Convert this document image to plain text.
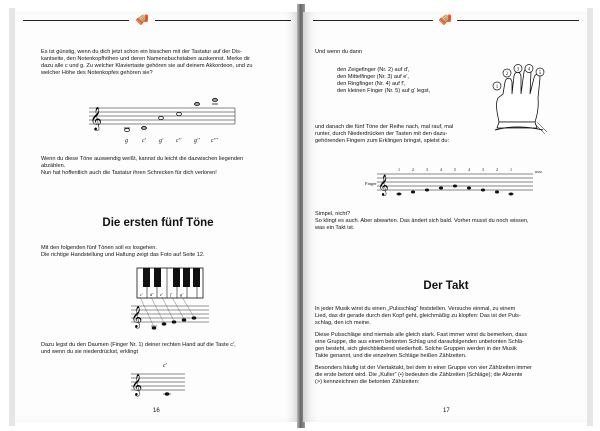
🪗
Es ist günstig, wenn du dich jetzt schon ein bisschen mit der Tastatur auf der Dis-
kantseite, den Notenkopfhöhen und deren Namensbuchstaben auskennst. Merke dir
dazu alle c und g. Zu welcher Klaviertaste gehören sie auf deinem Akkordeon, und zu
welcher Höhe des Notenkopfes gehören sie?
𝄞
g c' g' c'' g'' c'''
Wenn du diese Töne auswendig weißt, kannst du leicht die dazwischen liegenden
abzählen.
Nun hat hoffentlich auch die Tastatur ihren Schrecken für dich verloren!
Die ersten fünf Töne
Mit den folgenden fünf Tönen soll es losgehen.
Die richtige Handstellung und Haltung zeigt das Foto auf Seite 12.
c' d' e' f' g'
𝄞
Dazu legst du den Daumen (Finger Nr. 1) deiner rechten Hand auf die Taste c',
und wenn du sie niederdrückst, erklingt
c'
𝄞
16
🪗
Und wenn du dann
den Zeigefinger (Nr. 2) auf d',
den Mittelfinger (Nr. 3) auf e',
den Ringfinger (Nr. 4) auf f',
den kleinen Finger (Nr. 5) auf g' legst,
1
2
3 4
5
und danach die fünf Töne der Reihe nach, mal rauf, mal
runter, durch Niederdrücken der Tasten mit den dazu-
gehörenden Fingern zum Erklingen bringst, spielst du:
Finger 𝄞
1	2	3	4	5	4	3	2	1	usw.
Simpel, nicht?
So klingt es auch. Aber abwarten. Das ändert sich bald. Vorher musst du noch wissen,
was ein Takt ist.
Der Takt
In jeder Musik wirst du einen „Pulsschlag“ feststellen. Versuche einmal, zu einem
Lied, das dir gerade durch den Kopf geht, gleichmäßig zu klopfen: Das ist der Puls-
schlag, den ich meine.
Diese Pulsschläge sind niemals alle gleich stark. Fast immer wirst du bemerken, dass
eine Gruppe, die aus einem betonten Schlag und daraufolgenden unbetonten Schlä-
gen besteht, sich gleichbleibend wiederholt. Solche Gruppen werden in der Musik
Takte genannt, und die einzelnen Schläge heißen Zählzeiten.
Besonders häufig ist der Viertaktakt, bei dem in einer Gruppe von vier Zählzeiten immer
die erste betont wird. Die „Kuller“ (•) bedeuten die Zählzeiten (Schläge); die Akzente
(>) kennzeichnen die betonten Zählzeiten:
17
